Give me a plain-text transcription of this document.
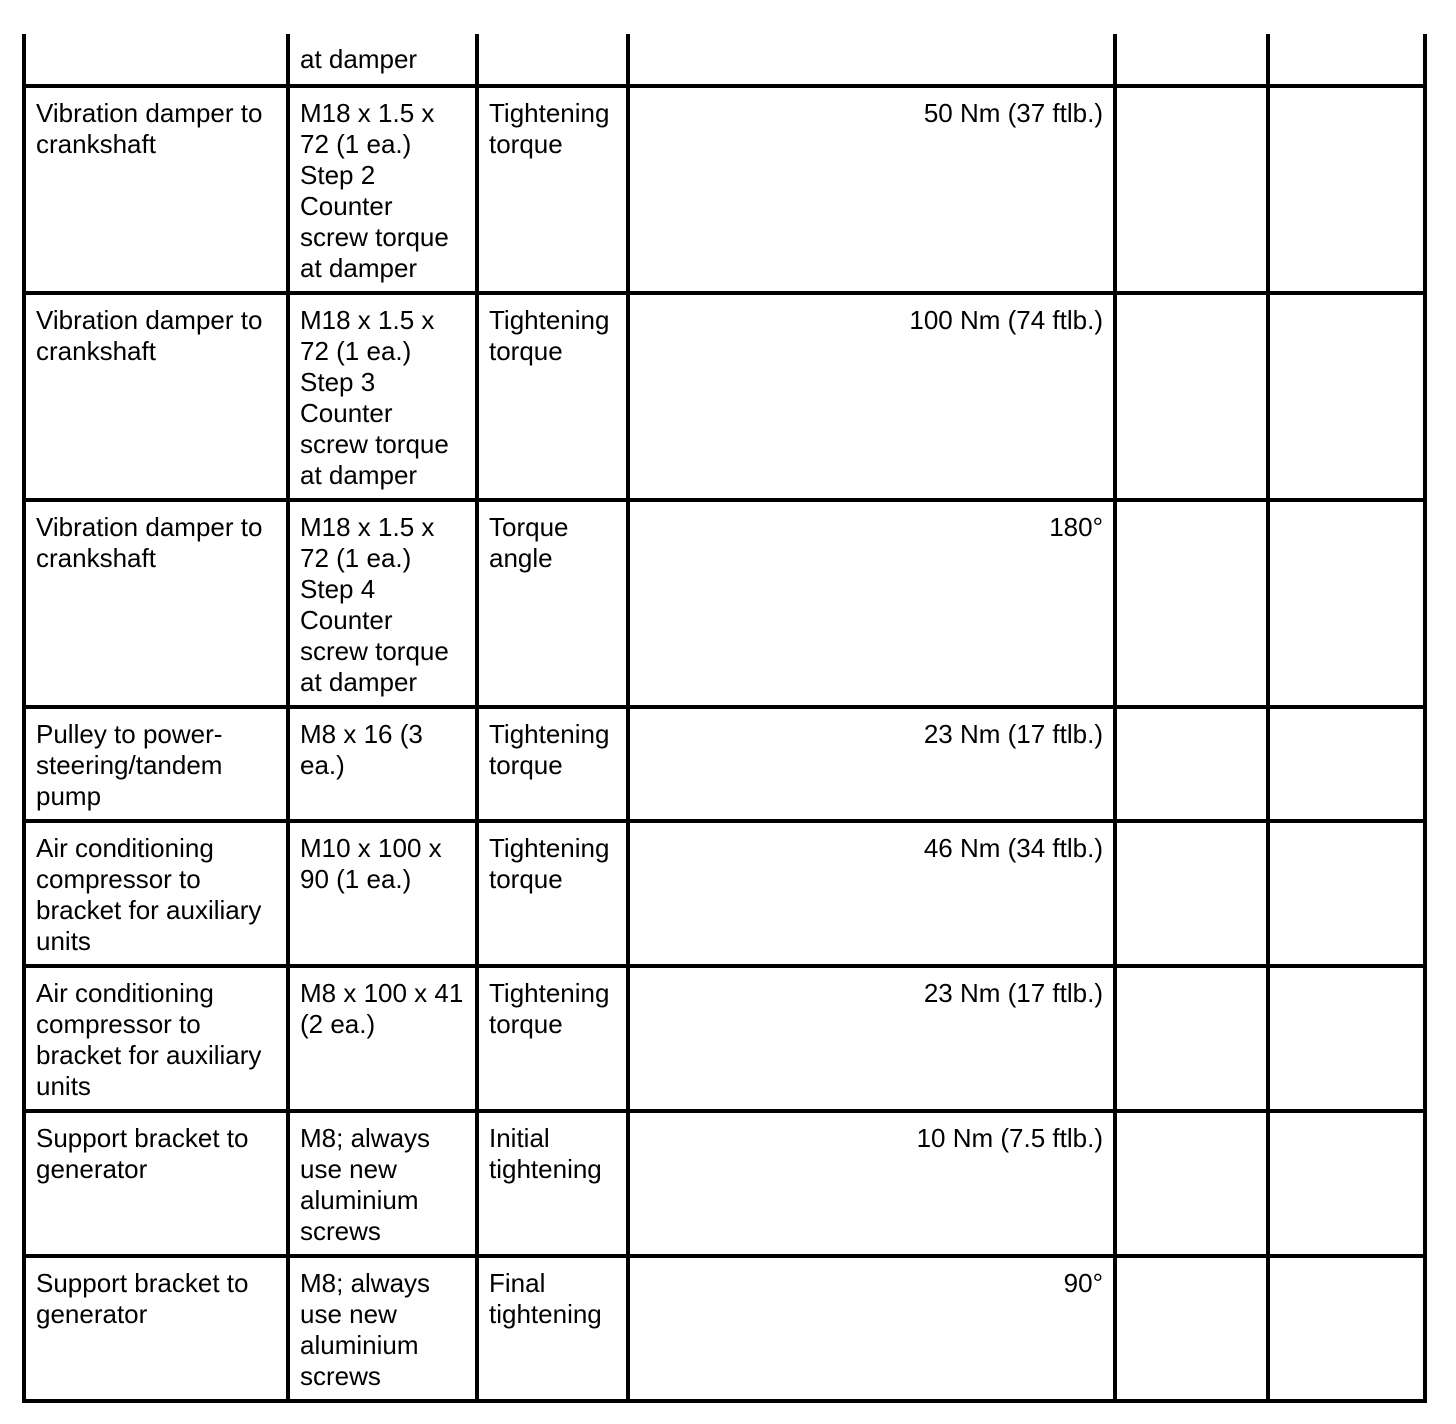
	at damper				
Vibration damper to crankshaft	M18 x 1.5 x 72 (1 ea.) Step 2 Counter screw torque at damper	Tightening torque	50 Nm (37 ftlb.)		
Vibration damper to crankshaft	M18 x 1.5 x 72 (1 ea.) Step 3 Counter screw torque at damper	Tightening torque	100 Nm (74 ftlb.)		
Vibration damper to crankshaft	M18 x 1.5 x 72 (1 ea.) Step 4 Counter screw torque at damper	Torque angle	180°		
Pulley to power-steering/tandem pump	M8 x 16 (3 ea.)	Tightening torque	23 Nm (17 ftlb.)		
Air conditioning compressor to bracket for auxiliary units	M10 x 100 x 90 (1 ea.)	Tightening torque	46 Nm (34 ftlb.)		
Air conditioning compressor to bracket for auxiliary units	M8 x 100 x 41 (2 ea.)	Tightening torque	23 Nm (17 ftlb.)		
Support bracket to generator	M8; always use new aluminium screws	Initial tightening	10 Nm (7.5 ftlb.)		
Support bracket to generator	M8; always use new aluminium screws	Final tightening	90°		
